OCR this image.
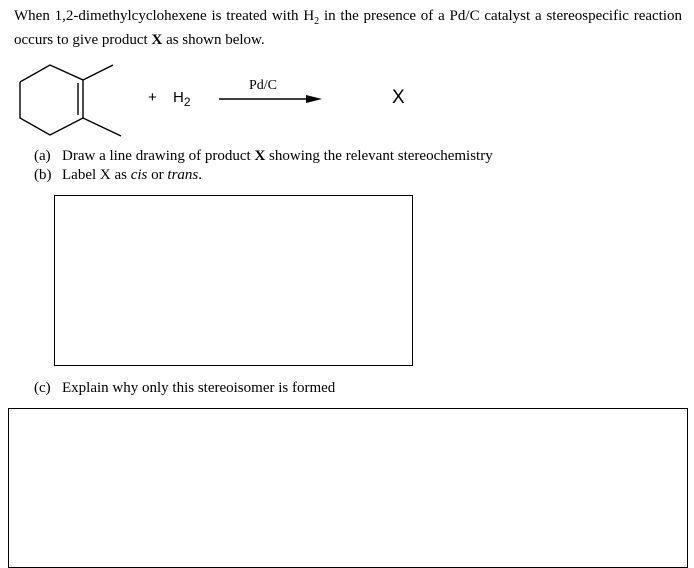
When 1,2-dimethylcyclohexene is treated with $H_2$ in the presence of a Pd/C catalyst a stereospecific reaction occurs to give product X as shown below.
+ $H_2$
Pd/C
X
(a) Draw a line drawing of product X showing the relevant stereochemistry
(b) Label X as cis or trans.
(c) Explain why only this stereoisomer is formed
